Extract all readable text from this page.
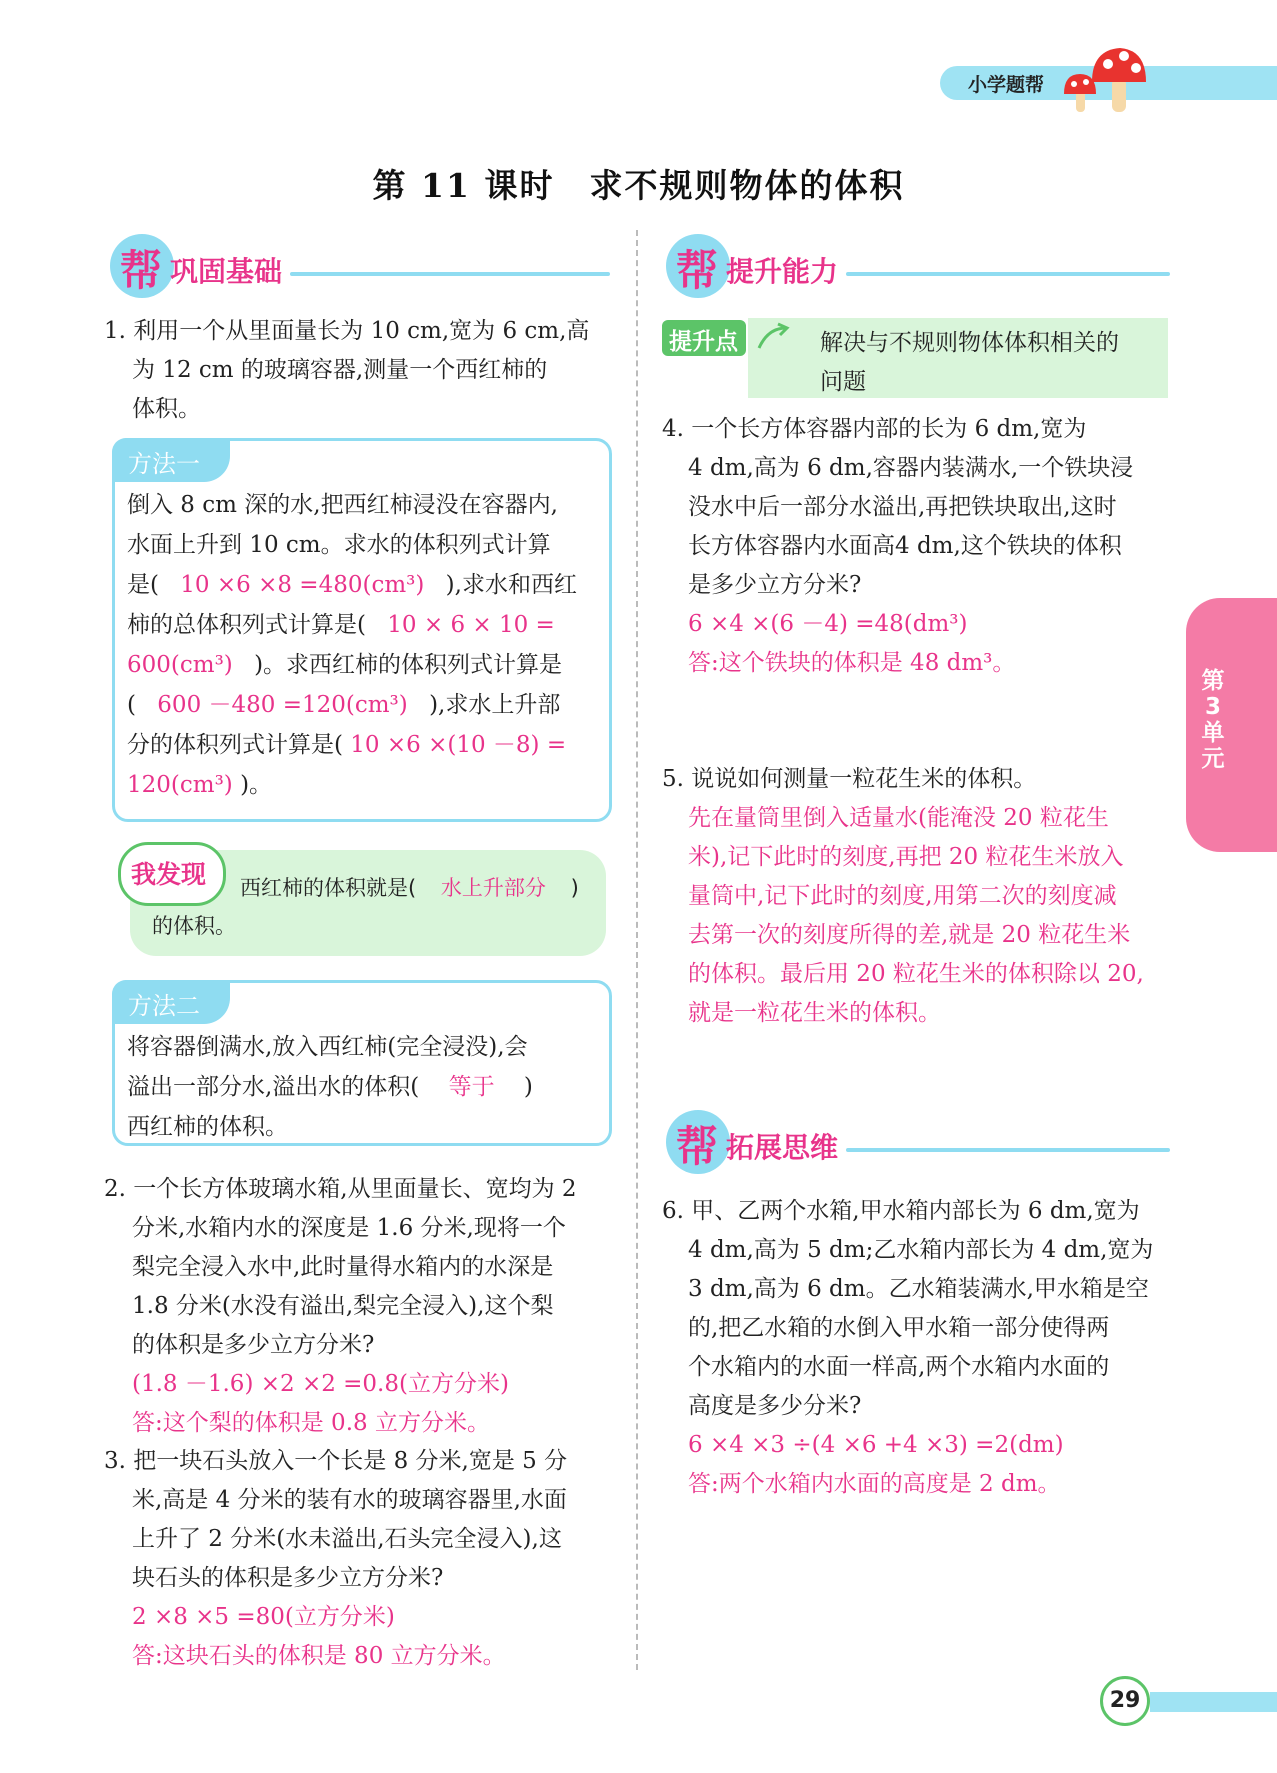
小学题帮
第 11 课时　求不规则物体的体积
帮 巩固基础
1. 利用一个从里面量长为 10 cm,宽为 6 cm,高
为 12 cm 的玻璃容器,测量一个西红柿的
体积。
方法一
倒入 8 cm 深的水,把西红柿浸没在容器内,
水面上升到 10 cm。求水的体积列式计算
是( 10 ×6 ×8 =480(cm³) ),求水和西红
柿的总体积列式计算是( 10 × 6 × 10 =
600(cm³) )。求西红柿的体积列式计算是
( 600 －480 =120(cm³) ),求水上升部
分的体积列式计算是( 10 ×6 ×(10 －8) =
120(cm³) )。
我发现 西红柿的体积就是( 水上升部分 )
的体积。
方法二
将容器倒满水,放入西红柿(完全浸没),会
溢出一部分水,溢出水的体积( 等于 )
西红柿的体积。
2. 一个长方体玻璃水箱,从里面量长、宽均为 2
分米,水箱内水的深度是 1.6 分米,现将一个
梨完全浸入水中,此时量得水箱内的水深是
1.8 分米(水没有溢出,梨完全浸入),这个梨
的体积是多少立方分米?
(1.8 －1.6) ×2 ×2 =0.8(立方分米)
答:这个梨的体积是 0.8 立方分米。
3. 把一块石头放入一个长是 8 分米,宽是 5 分
米,高是 4 分米的装有水的玻璃容器里,水面
上升了 2 分米(水未溢出,石头完全浸入),这
块石头的体积是多少立方分米?
2 ×8 ×5 =80(立方分米)
答:这块石头的体积是 80 立方分米。
帮 提升能力
提升点	解决与不规则物体体积相关的
问题
4. 一个长方体容器内部的长为 6 dm,宽为
4 dm,高为 6 dm,容器内装满水,一个铁块浸
没水中后一部分水溢出,再把铁块取出,这时
长方体容器内水面高4 dm,这个铁块的体积
是多少立方分米?
6 ×4 ×(6 －4) =48(dm³)
答:这个铁块的体积是 48 dm³。
5. 说说如何测量一粒花生米的体积。
先在量筒里倒入适量水(能淹没 20 粒花生
米),记下此时的刻度,再把 20 粒花生米放入
量筒中,记下此时的刻度,用第二次的刻度减
去第一次的刻度所得的差,就是 20 粒花生米
的体积。最后用 20 粒花生米的体积除以 20,
就是一粒花生米的体积。
帮 拓展思维
6. 甲、乙两个水箱,甲水箱内部长为 6 dm,宽为
4 dm,高为 5 dm;乙水箱内部长为 4 dm,宽为
3 dm,高为 6 dm。乙水箱装满水,甲水箱是空
的,把乙水箱的水倒入甲水箱一部分使得两
个水箱内的水面一样高,两个水箱内水面的
高度是多少分米?
6 ×4 ×3 ÷(4 ×6 +4 ×3) =2(dm)
答:两个水箱内水面的高度是 2 dm。
第3单元
29
